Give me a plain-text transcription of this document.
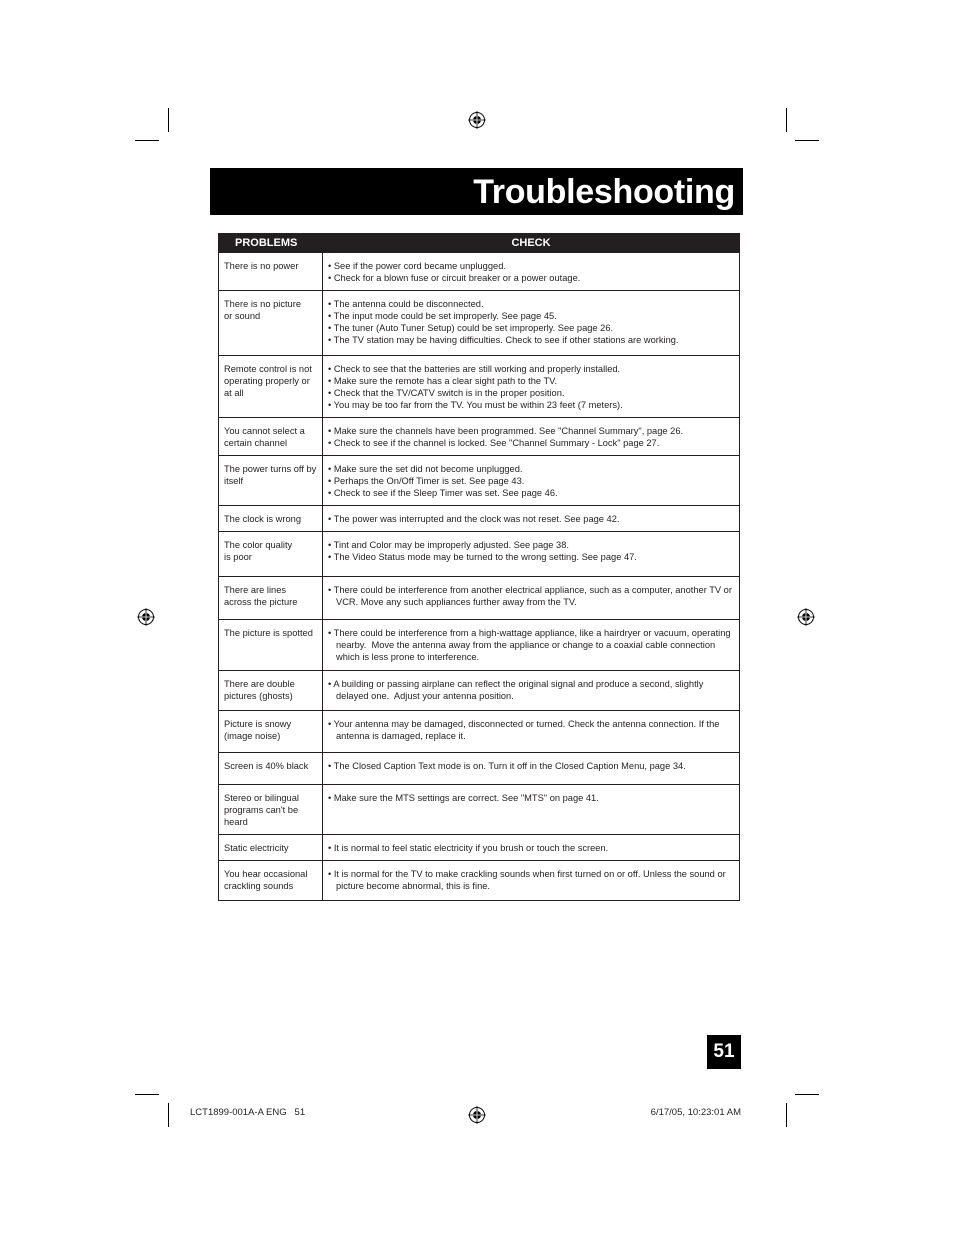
Troubleshooting
PROBLEMS	CHECK
There is no power	• See if the power cord became unplugged.
• Check for a blown fuse or circuit breaker or a power outage.

There is no picture
or sound	• The antenna could be disconnected.
• The input mode could be set improperly. See page 45.
• The tuner (Auto Tuner Setup) could be set improperly. See page 26.
• The TV station may be having difficulties. Check to see if other stations are working.

Remote control is not operating properly or at all	• Check to see that the batteries are still working and properly installed.
• Make sure the remote has a clear sight path to the TV.
• Check that the TV/CATV switch is in the proper position.
• You may be too far from the TV. You must be within 23 feet (7 meters).

You cannot select a certain channel	• Make sure the channels have been programmed. See "Channel Summary", page 26.
• Check to see if the channel is locked. See "Channel Summary - Lock" page 27.

The power turns off by itself	• Make sure the set did not become unplugged.
• Perhaps the On/Off Timer is set. See page 43.
• Check to see if the Sleep Timer was set. See page 46.

The clock is wrong	• The power was interrupted and the clock was not reset. See page 42.

The color quality
is poor	• Tint and Color may be improperly adjusted. See page 38.
• The Video Status mode may be turned to the wrong setting. See page 47.

There are lines
across the picture	• There could be interference from another electrical appliance, such as a computer, another TV or VCR. Move any such appliances further away from the TV.

The picture is spotted	• There could be interference from a high-wattage appliance, like a hairdryer or vacuum, operating nearby.  Move the antenna away from the appliance or change to a coaxial cable connection which is less prone to interference.

There are double
pictures (ghosts)	• A building or passing airplane can reflect the original signal and produce a second, slightly delayed one.  Adjust your antenna position.

Picture is snowy
(image noise)	• Your antenna may be damaged, disconnected or turned. Check the antenna connection. If the antenna is damaged, replace it.

Screen is 40% black	• The Closed Caption Text mode is on. Turn it off in the Closed Caption Menu, page 34.

Stereo or bilingual programs can't be heard	• Make sure the MTS settings are correct. See "MTS" on page 41.

Static electricity	• It is normal to feel static electricity if you brush or touch the screen.

You hear occasional crackling sounds	• It is normal for the TV to make crackling sounds when first turned on or off. Unless the sound or picture become abnormal, this is fine.
51
LCT1899-001A-A ENG   51	6/17/05, 10:23:01 AM
